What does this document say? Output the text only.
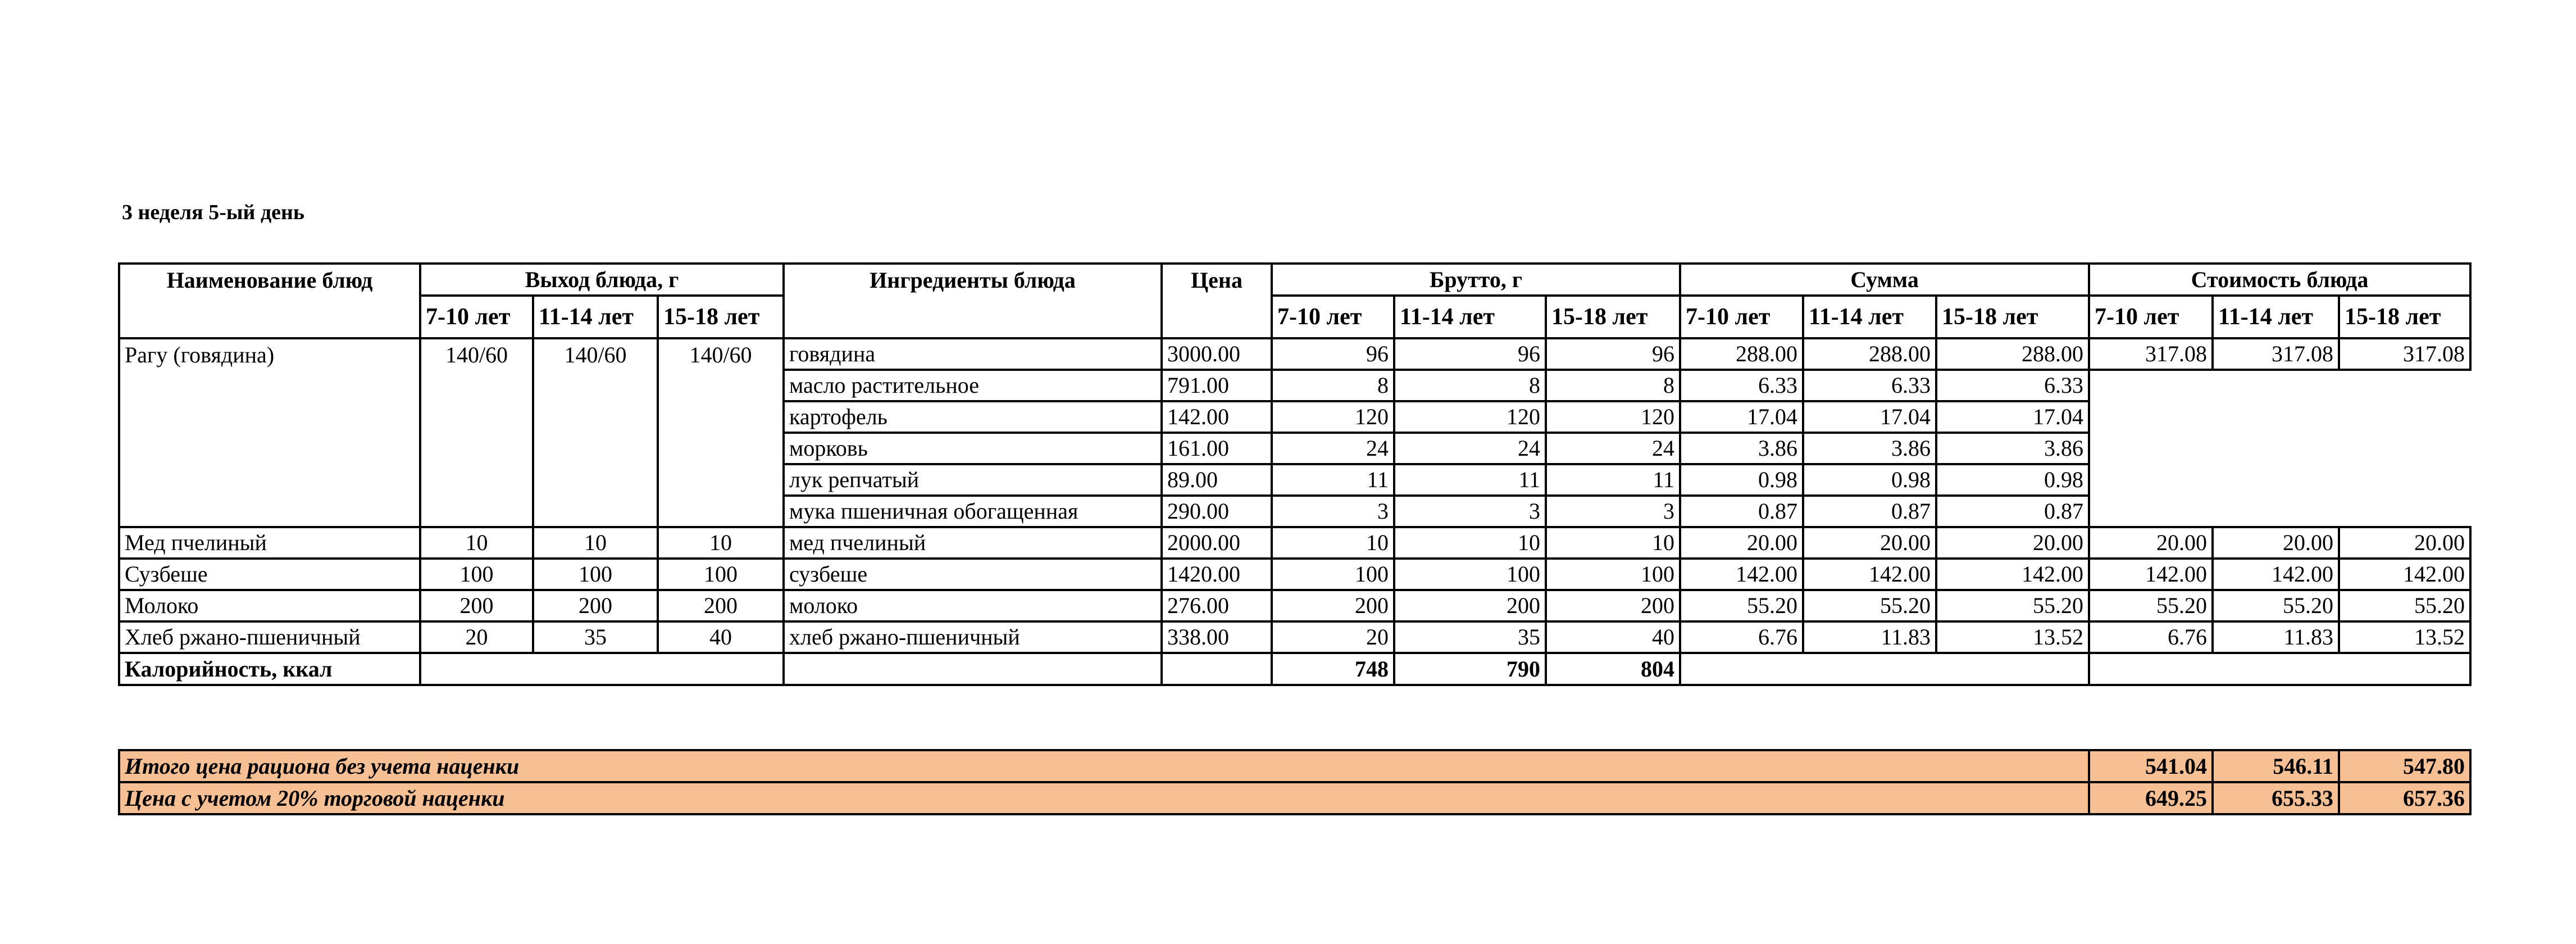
3 неделя 5-ый день
Наименование блюд	Выход блюда, г			Ингредиенты блюда	Цена	Брутто, г			Сумма			Стоимость блюда		
	7-10 лет	11-14 лет	15-18 лет			7-10 лет	11-14 лет	15-18 лет	7-10 лет	11-14 лет	15-18 лет	7-10 лет	11-14 лет	15-18 лет
Рагу (говядина)	140/60	140/60	140/60	говядина	3000.00	96	96	96	288.00	288.00	288.00	317.08	317.08	317.08
				масло растительное	791.00	8	8	8	6.33	6.33	6.33			
				картофель	142.00	120	120	120	17.04	17.04	17.04			
				морковь	161.00	24	24	24	3.86	3.86	3.86			
				лук репчатый	89.00	11	11	11	0.98	0.98	0.98			
				мука пшеничная обогащенная	290.00	3	3	3	0.87	0.87	0.87			
Мед пчелиный	10	10	10	мед пчелиный	2000.00	10	10	10	20.00	20.00	20.00	20.00	20.00	20.00
Сузбеше	100	100	100	сузбеше	1420.00	100	100	100	142.00	142.00	142.00	142.00	142.00	142.00
Молоко	200	200	200	молоко	276.00	200	200	200	55.20	55.20	55.20	55.20	55.20	55.20
Хлеб ржано-пшеничный	20	35	40	хлеб ржано-пшеничный	338.00	20	35	40	6.76	11.83	13.52	6.76	11.83	13.52
Калорийность, ккал						748	790	804						
Итого цена рациона без учета наценки	541.04	546.11	547.80
Цена с учетом 20% торговой наценки	649.25	655.33	657.36
